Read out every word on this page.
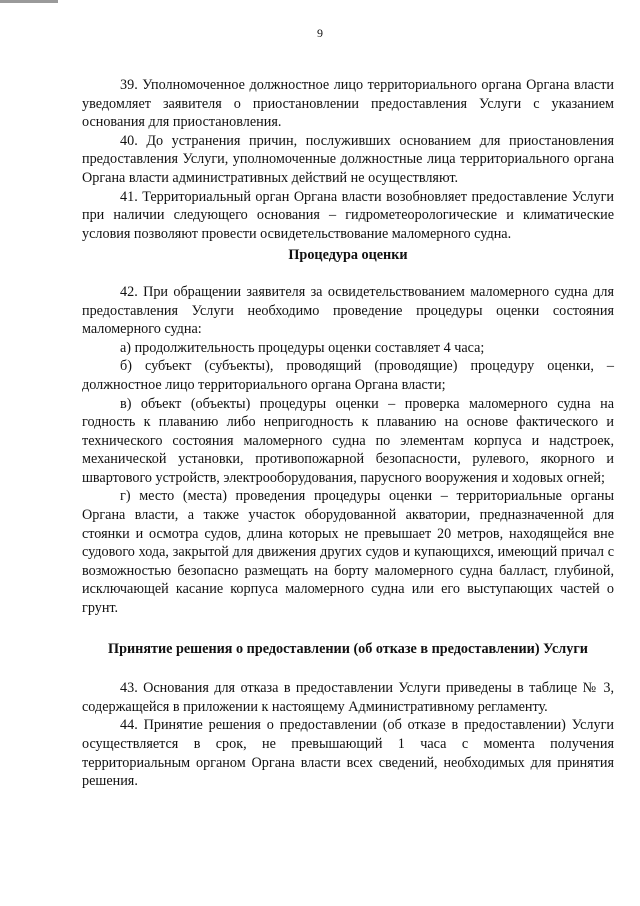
9

39. Уполномоченное должностное лицо территориального органа Органа власти уведомляет заявителя о приостановлении предоставления Услуги с указанием основания для приостановления.

40. До устранения причин, послуживших основанием для приостановления предоставления Услуги, уполномоченные должностные лица территориального органа Органа власти административных действий не осуществляют.

41. Территориальный орган Органа власти возобновляет предоставление Услуги при наличии следующего основания – гидрометеорологические и климатические условия позволяют провести освидетельствование маломерного судна.

Процедура оценки

42. При обращении заявителя за освидетельствованием маломерного судна для предоставления Услуги необходимо проведение процедуры оценки состояния маломерного судна:

а) продолжительность процедуры оценки составляет 4 часа;

б) субъект (субъекты), проводящий (проводящие) процедуру оценки, – должностное лицо территориального органа Органа власти;

в) объект (объекты) процедуры оценки – проверка маломерного судна на годность к плаванию либо непригодность к плаванию на основе фактического и технического состояния маломерного судна по элементам корпуса и надстроек, механической установки, противопожарной безопасности, рулевого, якорного и швартового устройств, электрооборудования, парусного вооружения и ходовых огней;

г) место (места) проведения процедуры оценки – территориальные органы Органа власти, а также участок оборудованной акватории, предназначенной для стоянки и осмотра судов, длина которых не превышает 20 метров, находящейся вне судового хода, закрытой для движения других судов и купающихся, имеющий причал с возможностью безопасно размещать на борту маломерного судна балласт, глубиной, исключающей касание корпуса маломерного судна или его выступающих частей о грунт.

Принятие решения о предоставлении (об отказе в предоставлении) Услуги

43. Основания для отказа в предоставлении Услуги приведены в таблице № 3, содержащейся в приложении к настоящему Административному регламенту.

44. Принятие решения о предоставлении (об отказе в предоставлении) Услуги осуществляется в срок, не превышающий 1 часа с момента получения территориальным органом Органа власти всех сведений, необходимых для принятия решения.
